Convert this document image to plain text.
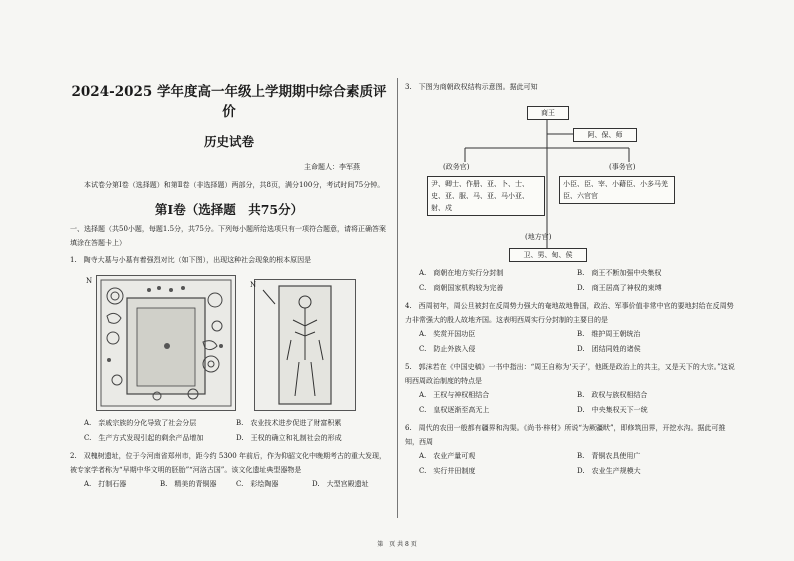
2024-2025 学年度高一年级上学期期中综合素质评价
历史试卷
主命题人：李军燕
本试卷分第Ⅰ卷（选择题）和第Ⅱ卷（非选择题）两部分，共8页，满分100分，考试时间75分钟。
第Ⅰ卷（选择题　共75分）
一、选择题（共50小题，每题1.5分，共75分。下列每小题所给选项只有一项符合题意，请将正确答案填涂在答题卡上）
1.　陶寺大墓与小墓有着强烈对比（如下图），出现这种社会现象的根本原因是
N	N
A.　亲戚宗族的分化导致了社会分层	B.　农业技术进步促进了财富积累
C.　生产方式发现引起的剩余产品增加	D.　王权的确立和礼制社会的形成
2.　双槐树遗址，位于今河南省郑州市，距今约 5300 年前后，作为仰韶文化中晚期考古的重大发现，被专家学者称为“早期中华文明的胚胎”“河洛古国”。该文化遗址典型器物是
A.　打制石器	B.　精美的青铜器	C.　彩绘陶器	D.　大型宫殿遗址
3.　下图为商朝政权结构示意图。据此可知
商王
阿、保、师
(政务官)
尹、卿士、作册、亚、卜、士、史、亚、服、马、亚、马小亚、射、戍
(事务官)
小臣、臣、宰、小藉臣、小多马羌臣、六官官
(地方官)
卫、男、甸、侯
A.　商朝在地方实行分封制	B.　商王不断加强中央集权
C.　商朝国家机构较为完善	D.　商王居高了神权的束缚
4.　西周初年，周公旦被封在反周势力强大的奄地故地鲁国，政治、军事价值非常中官的要地封给在反周势力非常强大的殷人故地齐国。这表明西周实行分封制的主要目的是
A.　奖赏开国功臣	B.　维护周王朝统治
C.　防止外族入侵	D.　团结同姓的诸侯
5.　郭沫若在《中国史稿》一书中指出：“周王自称为‘天子’，他既是政治上的共主，又是天下的大宗。”这说明西周政治制度的特点是
A.　王权与神权相结合	B.　政权与族权相结合
C.　皇权逐渐至高无上	D.　中央集权天下一统
6.　周代的农田一般都有疆界和沟渠。《尚书·梓材》所说“为厥疆畎”，即修筑田界，开挖水沟。据此可推知，西周
A.　农业产量可观	B.　青铜农具使用广
C.　实行井田制度	D.　农业生产规模大
第　页 共 8 页
